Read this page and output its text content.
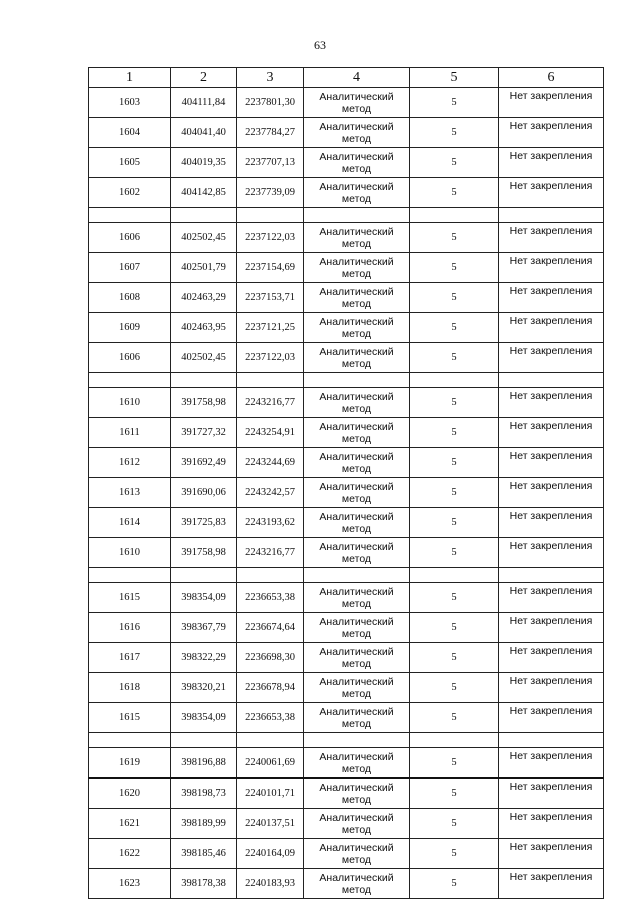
63
1	2	3	4	5	6
1603	404111,84	2237801,30	Аналитический метод	5	Нет закрепления
1604	404041,40	2237784,27	Аналитический метод	5	Нет закрепления
1605	404019,35	2237707,13	Аналитический метод	5	Нет закрепления
1602	404142,85	2237739,09	Аналитический метод	5	Нет закрепления

1606	402502,45	2237122,03	Аналитический метод	5	Нет закрепления
1607	402501,79	2237154,69	Аналитический метод	5	Нет закрепления
1608	402463,29	2237153,71	Аналитический метод	5	Нет закрепления
1609	402463,95	2237121,25	Аналитический метод	5	Нет закрепления
1606	402502,45	2237122,03	Аналитический метод	5	Нет закрепления

1610	391758,98	2243216,77	Аналитический метод	5	Нет закрепления
1611	391727,32	2243254,91	Аналитический метод	5	Нет закрепления
1612	391692,49	2243244,69	Аналитический метод	5	Нет закрепления
1613	391690,06	2243242,57	Аналитический метод	5	Нет закрепления
1614	391725,83	2243193,62	Аналитический метод	5	Нет закрепления
1610	391758,98	2243216,77	Аналитический метод	5	Нет закрепления

1615	398354,09	2236653,38	Аналитический метод	5	Нет закрепления
1616	398367,79	2236674,64	Аналитический метод	5	Нет закрепления
1617	398322,29	2236698,30	Аналитический метод	5	Нет закрепления
1618	398320,21	2236678,94	Аналитический метод	5	Нет закрепления
1615	398354,09	2236653,38	Аналитический метод	5	Нет закрепления

1619	398196,88	2240061,69	Аналитический метод	5	Нет закрепления
1620	398198,73	2240101,71	Аналитический метод	5	Нет закрепления
1621	398189,99	2240137,51	Аналитический метод	5	Нет закрепления
1622	398185,46	2240164,09	Аналитический метод	5	Нет закрепления
1623	398178,38	2240183,93	Аналитический метод	5	Нет закрепления
